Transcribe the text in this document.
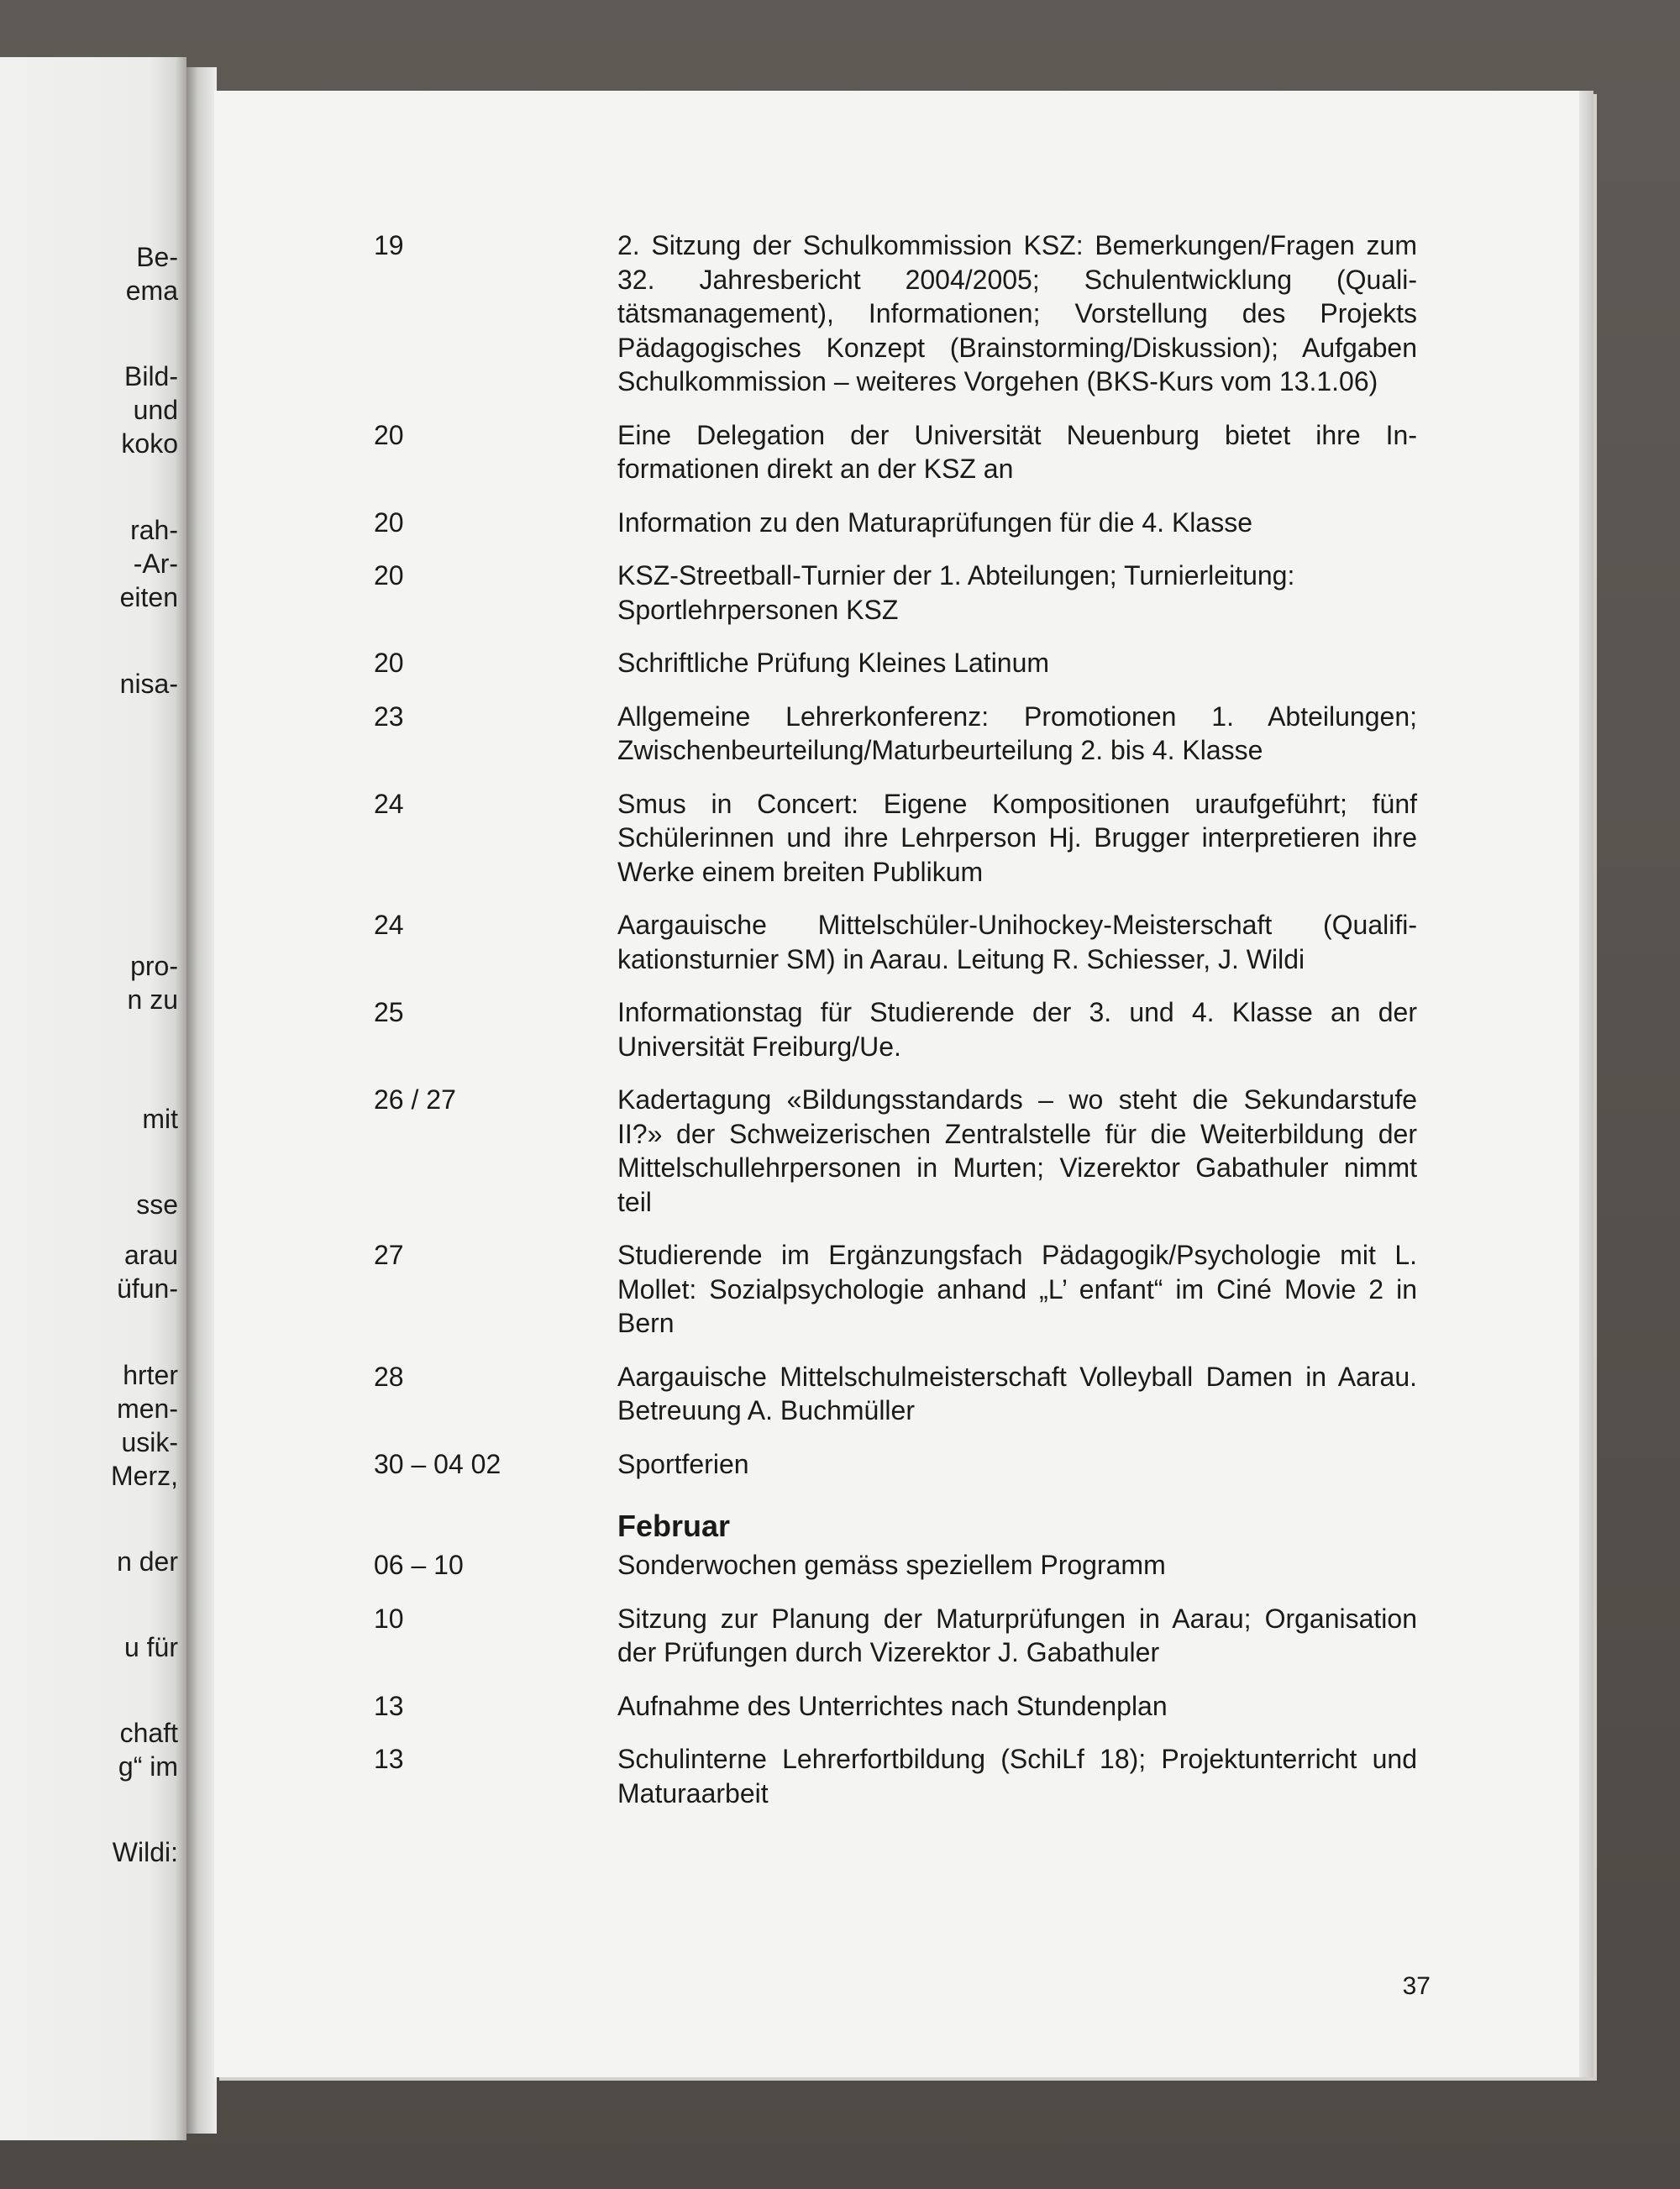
Be-
ema
Bild-
und
koko
rah-
-Ar-
eiten
nisa-
pro-
n zu
mit
sse
arau
üfun-
hrter
men-
usik-
Merz,
n der
u für
chaft
g“ im
Wildi:
19	2. Sitzung der Schulkommission KSZ: Bemerkungen/Fragen zum 32. Jahresbericht 2004/2005; Schulentwicklung (Qualitätsmanagement), Informationen; Vorstellung des Projekts Pädagogisches Konzept (Brainstorming/Diskussion); Aufgaben Schulkommission – weiteres Vorgehen (BKS-Kurs vom 13.1.06)
20	Eine Delegation der Universität Neuenburg bietet ihre Informationen direkt an der KSZ an
20	Information zu den Maturaprüfungen für die 4. Klasse
20	KSZ-Streetball-Turnier der 1. Abteilungen; Turnierleitung: Sportlehrpersonen KSZ
20	Schriftliche Prüfung Kleines Latinum
23	Allgemeine Lehrerkonferenz: Promotionen 1. Abteilungen; Zwischenbeurteilung/Maturbeurteilung 2. bis 4. Klasse
24	Smus in Concert: Eigene Kompositionen uraufgeführt; fünf Schülerinnen und ihre Lehrperson Hj. Brugger interpretieren ihre Werke einem breiten Publikum
24	Aargauische Mittelschüler-Unihockey-Meisterschaft (Qualifikationsturnier SM) in Aarau. Leitung R. Schiesser, J. Wildi
25	Informationstag für Studierende der 3. und 4. Klasse an der Universität Freiburg/Ue.
26 / 27	Kadertagung «Bildungsstandards – wo steht die Sekundarstufe II?» der Schweizerischen Zentralstelle für die Weiterbildung der Mittelschullehrpersonen in Murten; Vizerektor Gabathuler nimmt teil
27	Studierende im Ergänzungsfach Pädagogik/Psychologie mit L. Mollet: Sozialpsychologie anhand „L’ enfant“ im Ciné Movie 2 in Bern
28	Aargauische Mittelschulmeisterschaft Volleyball Damen in Aarau. Betreuung A. Buchmüller
30 – 04 02	Sportferien
Februar
06 – 10	Sonderwochen gemäss speziellem Programm
10	Sitzung zur Planung der Maturprüfungen in Aarau; Organisation der Prüfungen durch Vizerektor J. Gabathuler
13	Aufnahme des Unterrichtes nach Stundenplan
13	Schulinterne Lehrerfortbildung (SchiLf 18); Projektunterricht und Maturaarbeit
37
